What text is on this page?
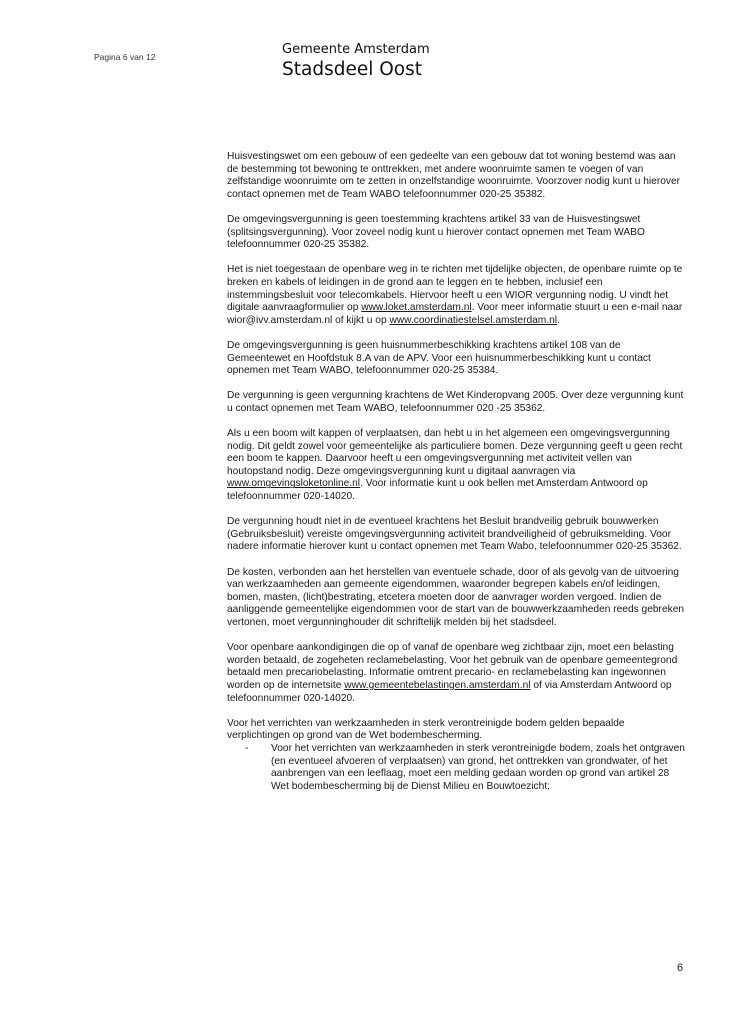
Pagina 6 van 12	Gemeente Amsterdam
Stadsdeel Oost

Huisvestingswet om een gebouw of een gedeelte van een gebouw dat tot woning bestemd was aan de bestemming tot bewoning te onttrekken, met andere woonruimte samen te voegen of van zelfstandige woonruimte om te zetten in onzelfstandige woonruimte. Voorzover nodig kunt u hierover contact opnemen met de Team WABO telefoonnummer 020-25 35382.

De omgevingsvergunning is geen toestemming krachtens artikel 33 van de Huisvestingswet (splitsingsvergunning). Voor zoveel nodig kunt u hierover contact opnemen met Team WABO telefoonnummer 020-25 35382.

Het is niet toegestaan de openbare weg in te richten met tijdelijke objecten, de openbare ruimte op te breken en kabels of leidingen in de grond aan te leggen en te hebben, inclusief een instemmingsbesluit voor telecomkabels. Hiervoor heeft u een WIOR vergunning nodig. U vindt het digitale aanvraagformulier op www.loket.amsterdam.nl. Voor meer informatie stuurt u een e-mail naar wior@ivv.amsterdam.nl of kijkt u op www.coordinatiestelsel.amsterdam.nl.

De omgevingsvergunning is geen huisnummerbeschikking krachtens artikel 108 van de Gemeentewet en Hoofdstuk 8.A van de APV. Voor een huisnummerbeschikking kunt u contact opnemen met Team WABO, telefoonnummer 020-25 35384.

De vergunning is geen vergunning krachtens de Wet Kinderopvang 2005. Over deze vergunning kunt u contact opnemen met Team WABO, telefoonnummer 020 -25 35362.

Als u een boom wilt kappen of verplaatsen, dan hebt u in het algemeen een omgevingsvergunning nodig. Dit geldt zowel voor gemeentelijke als particuliere bomen. Deze vergunning geeft u geen recht een boom te kappen. Daarvoor heeft u een omgevingsvergunning met activiteit vellen van houtopstand nodig. Deze omgevingsvergunning kunt u digitaal aanvragen via www.omgevingsloketonline.nl. Voor informatie kunt u ook bellen met Amsterdam Antwoord op telefoonnummer 020-14020.

De vergunning houdt niet in de eventueel krachtens het Besluit brandveilig gebruik bouwwerken (Gebruiksbesluit) vereiste omgevingsvergunning activiteit brandveiligheid of gebruiksmelding. Voor nadere informatie hierover kunt u contact opnemen met Team Wabo, telefoonnummer 020-25 35362.

De kosten, verbonden aan het herstellen van eventuele schade, door of als gevolg van de uitvoering van werkzaamheden aan gemeente eigendommen, waaronder begrepen kabels en/of leidingen, bomen, masten, (licht)bestrating, etcetera moeten door de aanvrager worden vergoed. Indien de aanliggende gemeentelijke eigendommen voor de start van de bouwwerkzaamheden reeds gebreken vertonen, moet vergunninghouder dit schriftelijk melden bij het stadsdeel.

Voor openbare aankondigingen die op of vanaf de openbare weg zichtbaar zijn, moet een belasting worden betaald, de zogeheten reclamebelasting. Voor het gebruik van de openbare gemeentegrond betaald men precariobelasting. Informatie omtrent precario- en reclamebelasting kan ingewonnen worden op de internetsite www.gemeentebelastingen.amsterdam.nl of via Amsterdam Antwoord op telefoonnummer 020-14020.

Voor het verrichten van werkzaamheden in sterk verontreinigde bodem gelden bepaalde verplichtingen op grond van de Wet bodembescherming.

-	Voor het verrichten van werkzaamheden in sterk verontreinigde bodem, zoals het ontgraven (en eventueel afvoeren of verplaatsen) van grond, het onttrekken van grondwater, of het aanbrengen van een leeflaag, moet een melding gedaan worden op grond van artikel 28 Wet bodembescherming bij de Dienst Milieu en Bouwtoezicht;
6
